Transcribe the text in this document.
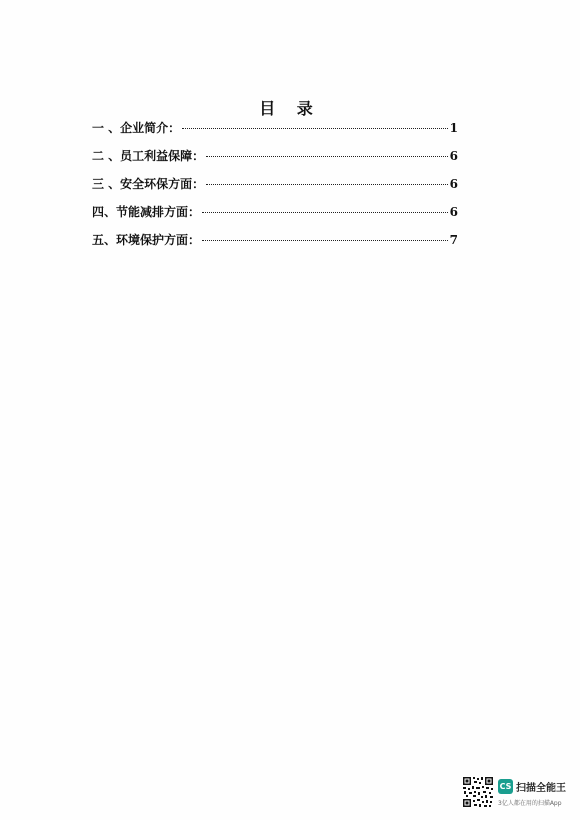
目 录
一 、企业简介：	1
二 、员工利益保障：	6
三 、安全环保方面：	6
四、节能减排方面：	6
五、环境保护方面：	7
CS 扫描全能王
3亿人都在用的扫描App
